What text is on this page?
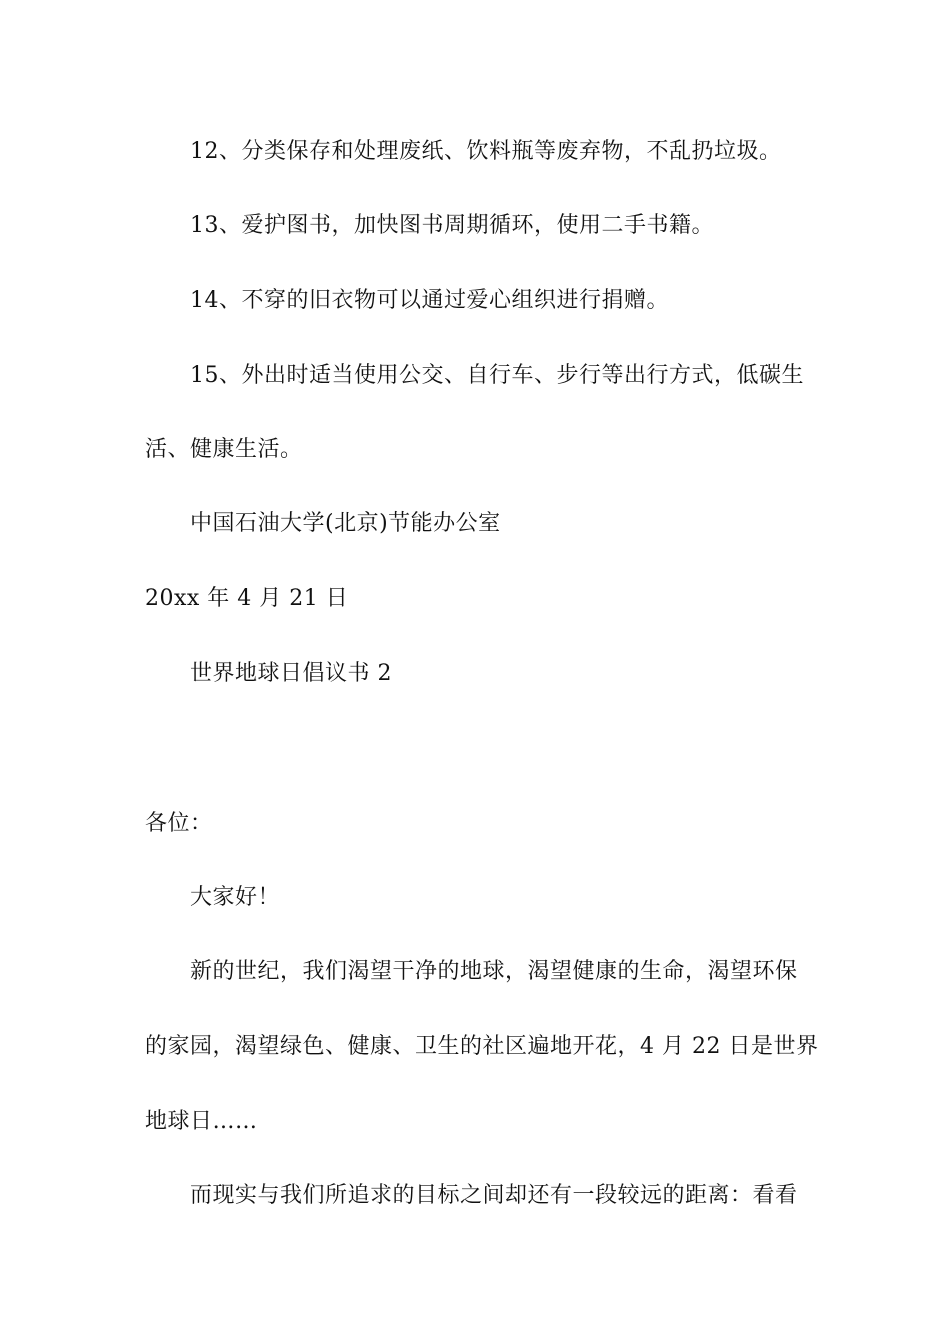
12、分类保存和处理废纸、饮料瓶等废弃物，不乱扔垃圾。
13、爱护图书，加快图书周期循环，使用二手书籍。
14、不穿的旧衣物可以通过爱心组织进行捐赠。
15、外出时适当使用公交、自行车、步行等出行方式，低碳生
活、健康生活。
中国石油大学(北京)节能办公室
20xx 年 4 月 21 日
世界地球日倡议书 2
各位：
大家好！
新的世纪，我们渴望干净的地球，渴望健康的生命，渴望环保
的家园，渴望绿色、健康、卫生的社区遍地开花，4 月 22 日是世界
地球日……
而现实与我们所追求的目标之间却还有一段较远的距离：看看
